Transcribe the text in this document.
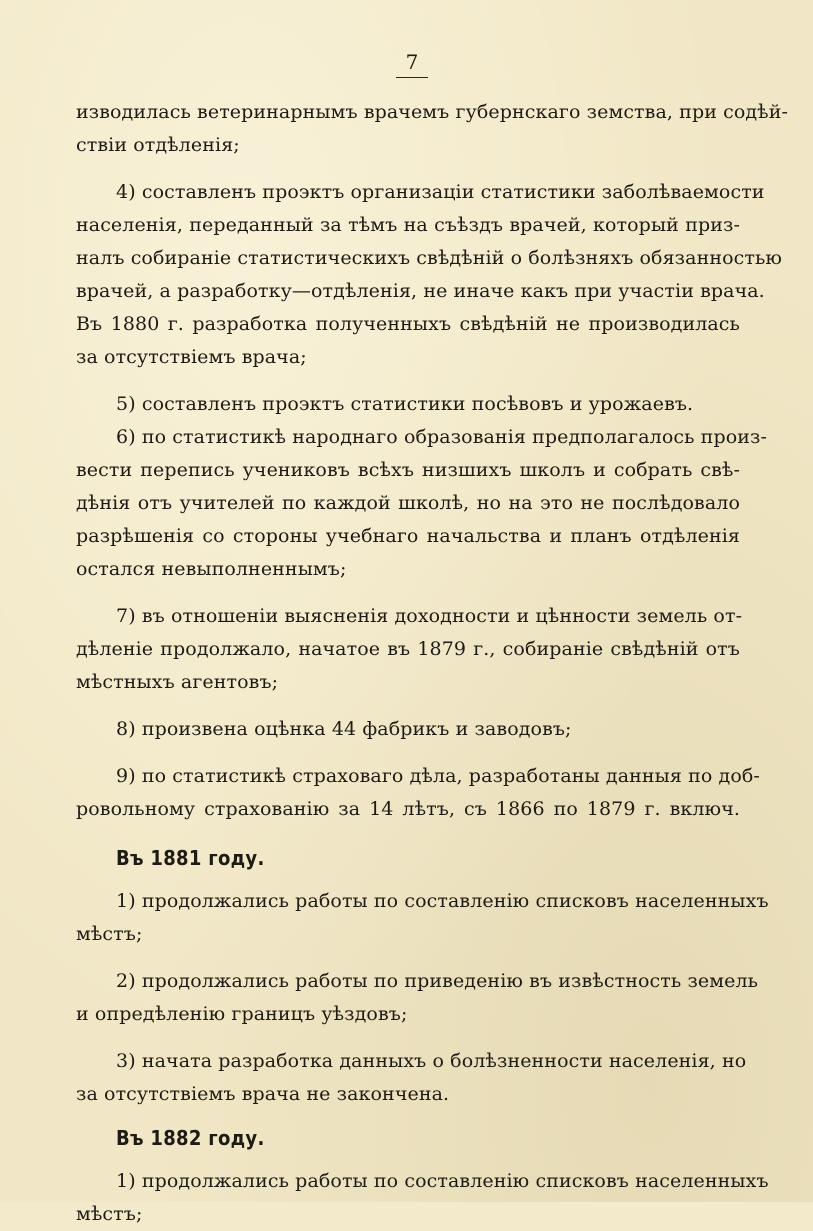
7
изводилась ветеринарнымъ врачемъ губернскаго земства, при содѣй-
ствіи отдѣленія;
4) составленъ проэктъ организаціи статистики заболѣваемости
населенія, переданный за тѣмъ на съѣздъ врачей, который приз-
налъ собираніе статистическихъ свѣдѣній о болѣзняхъ обязанностью
врачей, а разработку—отдѣленія, не иначе какъ при участіи врача.
Въ 1880 г. разработка полученныхъ свѣдѣній не производилась
за отсутствіемъ врача;
5) составленъ проэктъ статистики посѣвовъ и урожаевъ.
6) по статистикѣ народнаго образованія предполагалось произ-
вести перепись учениковъ всѣхъ низшихъ школъ и собрать свѣ-
дѣнія отъ учителей по каждой школѣ, но на это не послѣдовало
разрѣшенія со стороны учебнаго начальства и планъ отдѣленія
остался невыполненнымъ;
7) въ отношеніи выясненія доходности и цѣнности земель от-
дѣленіе продолжало, начатое въ 1879 г., собираніе свѣдѣній отъ
мѣстныхъ агентовъ;
8) произвена оцѣнка 44 фабрикъ и заводовъ;
9) по статистикѣ страховаго дѣла, разработаны данныя по доб-
ровольному страхованію за 14 лѣтъ, съ 1866 по 1879 г. включ.
Въ 1881 году.
1) продолжались работы по составленію списковъ населенныхъ
мѣстъ;
2) продолжались работы по приведенію въ извѣстность земель
и опредѣленію границъ уѣздовъ;
3) начата разработка данныхъ о болѣзненности населенія, но
за отсутствіемъ врача не закончена.
Въ 1882 году.
1) продолжались работы по составленію списковъ населенныхъ
мѣстъ;
